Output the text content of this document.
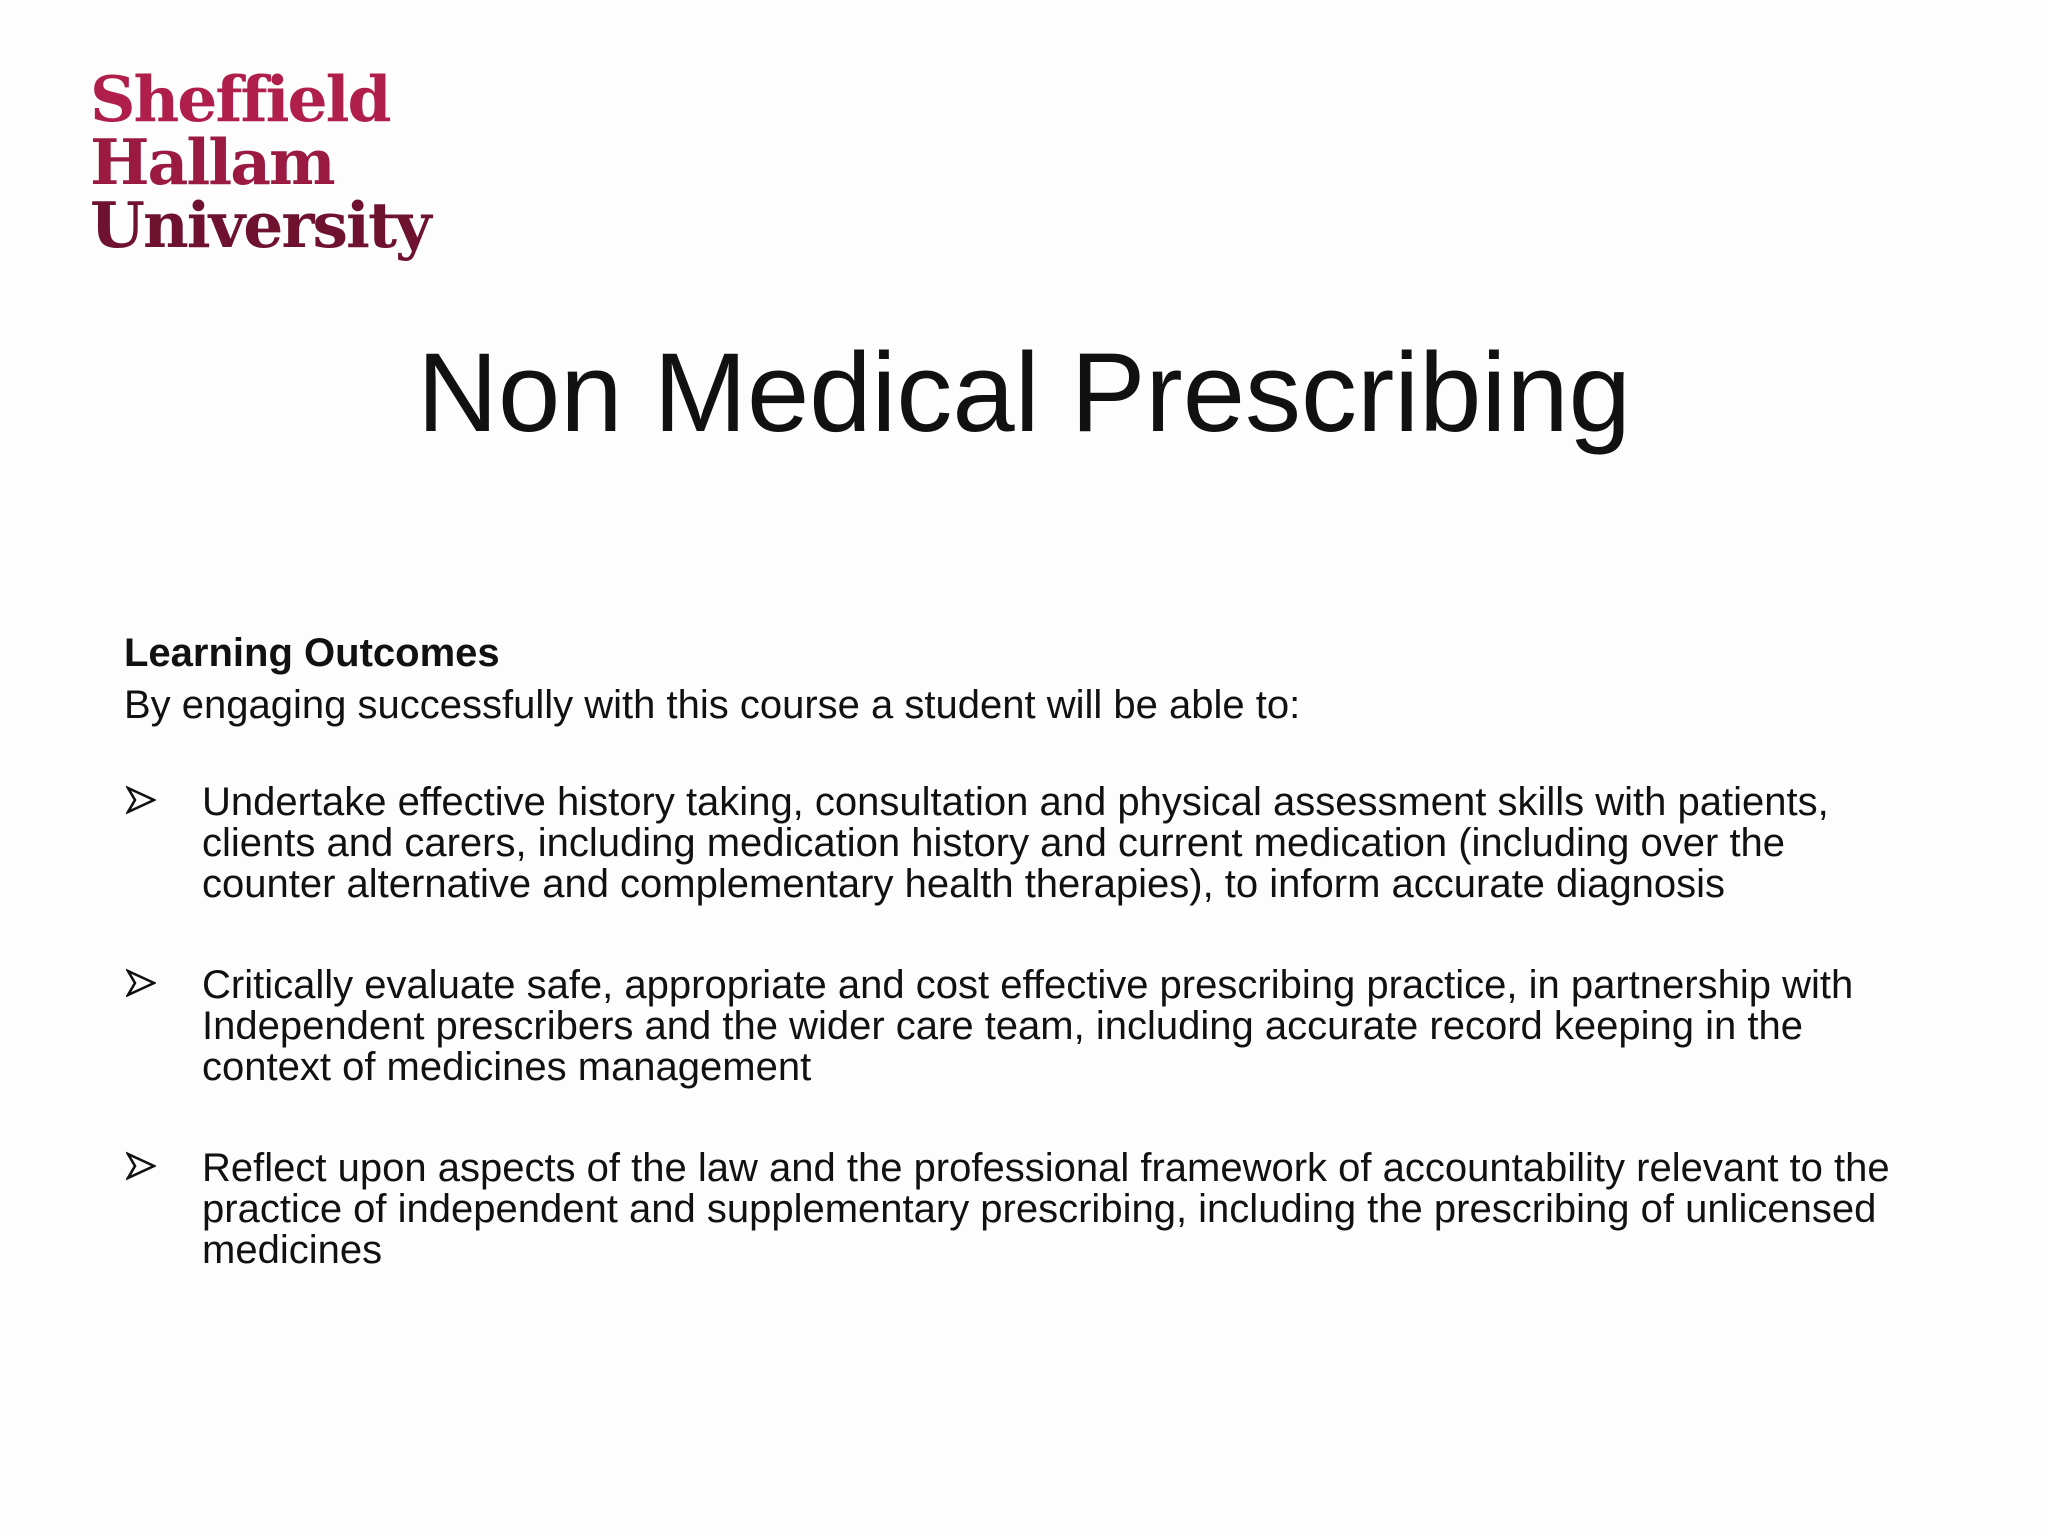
Sheffield
Hallam
University
Non Medical Prescribing

Learning Outcomes

By engaging successfully with this course a student will be able to:

Undertake effective history taking, consultation and physical assessment skills with patients, clients and carers, including medication history and current medication (including over the counter alternative and complementary health therapies), to inform accurate diagnosis
Critically evaluate safe, appropriate and cost effective prescribing practice, in partnership with Independent prescribers and the wider care team, including accurate record keeping in the context of medicines management
Reflect upon aspects of the law and the professional framework of accountability relevant to the practice of independent and supplementary prescribing, including the prescribing of unlicensed medicines
